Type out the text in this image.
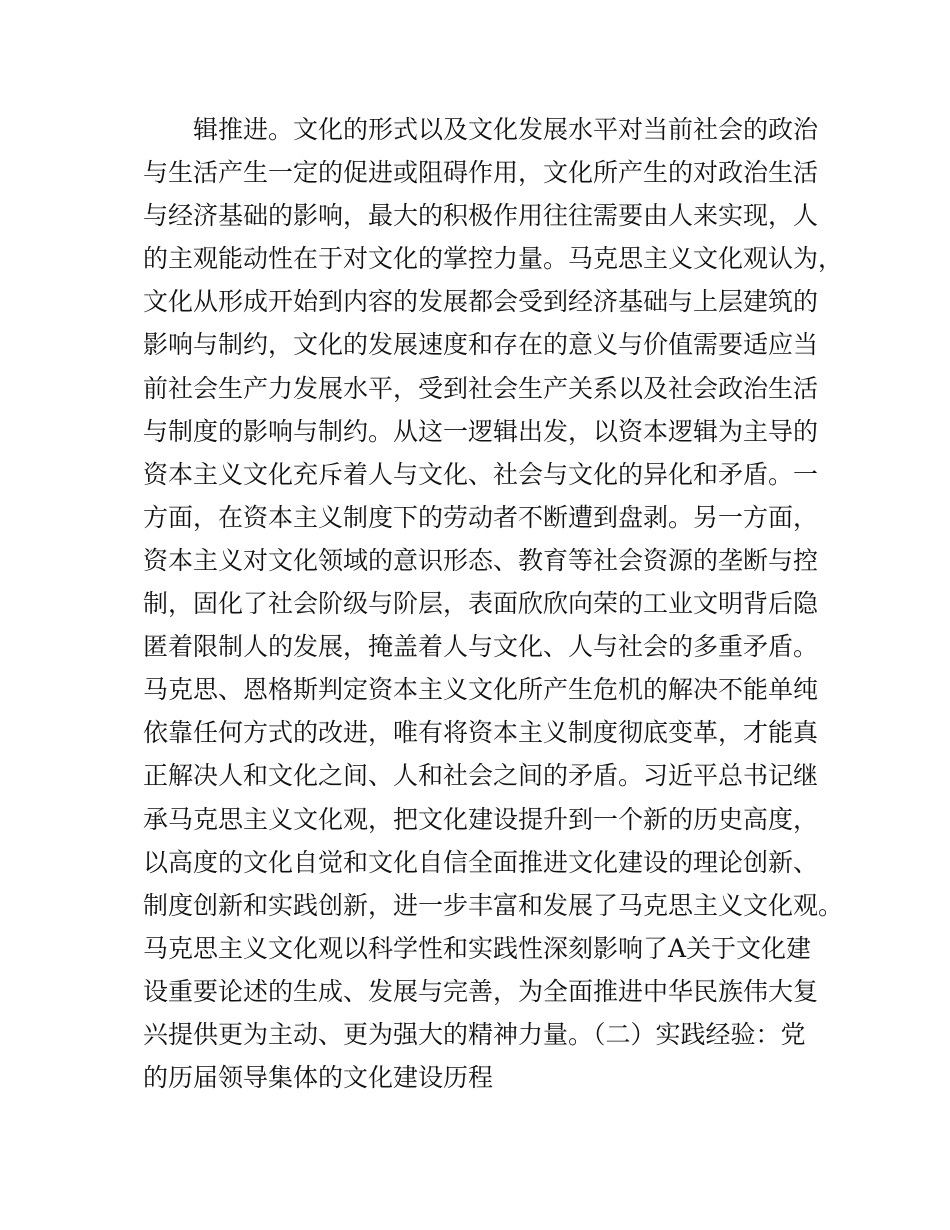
辑推进。文化的形式以及文化发展水平对当前社会的政治
与生活产生一定的促进或阻碍作用，文化所产生的对政治生活
与经济基础的影响，最大的积极作用往往需要由人来实现，人
的主观能动性在于对文化的掌控力量。马克思主义文化观认为，
文化从形成开始到内容的发展都会受到经济基础与上层建筑的
影响与制约，文化的发展速度和存在的意义与价值需要适应当
前社会生产力发展水平，受到社会生产关系以及社会政治生活
与制度的影响与制约。从这一逻辑出发，以资本逻辑为主导的
资本主义文化充斥着人与文化、社会与文化的异化和矛盾。一
方面，在资本主义制度下的劳动者不断遭到盘剥。另一方面，
资本主义对文化领域的意识形态、教育等社会资源的垄断与控
制，固化了社会阶级与阶层，表面欣欣向荣的工业文明背后隐
匿着限制人的发展，掩盖着人与文化、人与社会的多重矛盾。
马克思、恩格斯判定资本主义文化所产生危机的解决不能单纯
依靠任何方式的改进，唯有将资本主义制度彻底变革，才能真
正解决人和文化之间、人和社会之间的矛盾。习近平总书记继
承马克思主义文化观，把文化建设提升到一个新的历史高度，
以高度的文化自觉和文化自信全面推进文化建设的理论创新、
制度创新和实践创新，进一步丰富和发展了马克思主义文化观。
马克思主义文化观以科学性和实践性深刻影响了A关于文化建
设重要论述的生成、发展与完善，为全面推进中华民族伟大复
兴提供更为主动、更为强大的精神力量。（二）实践经验：党
的历届领导集体的文化建设历程
